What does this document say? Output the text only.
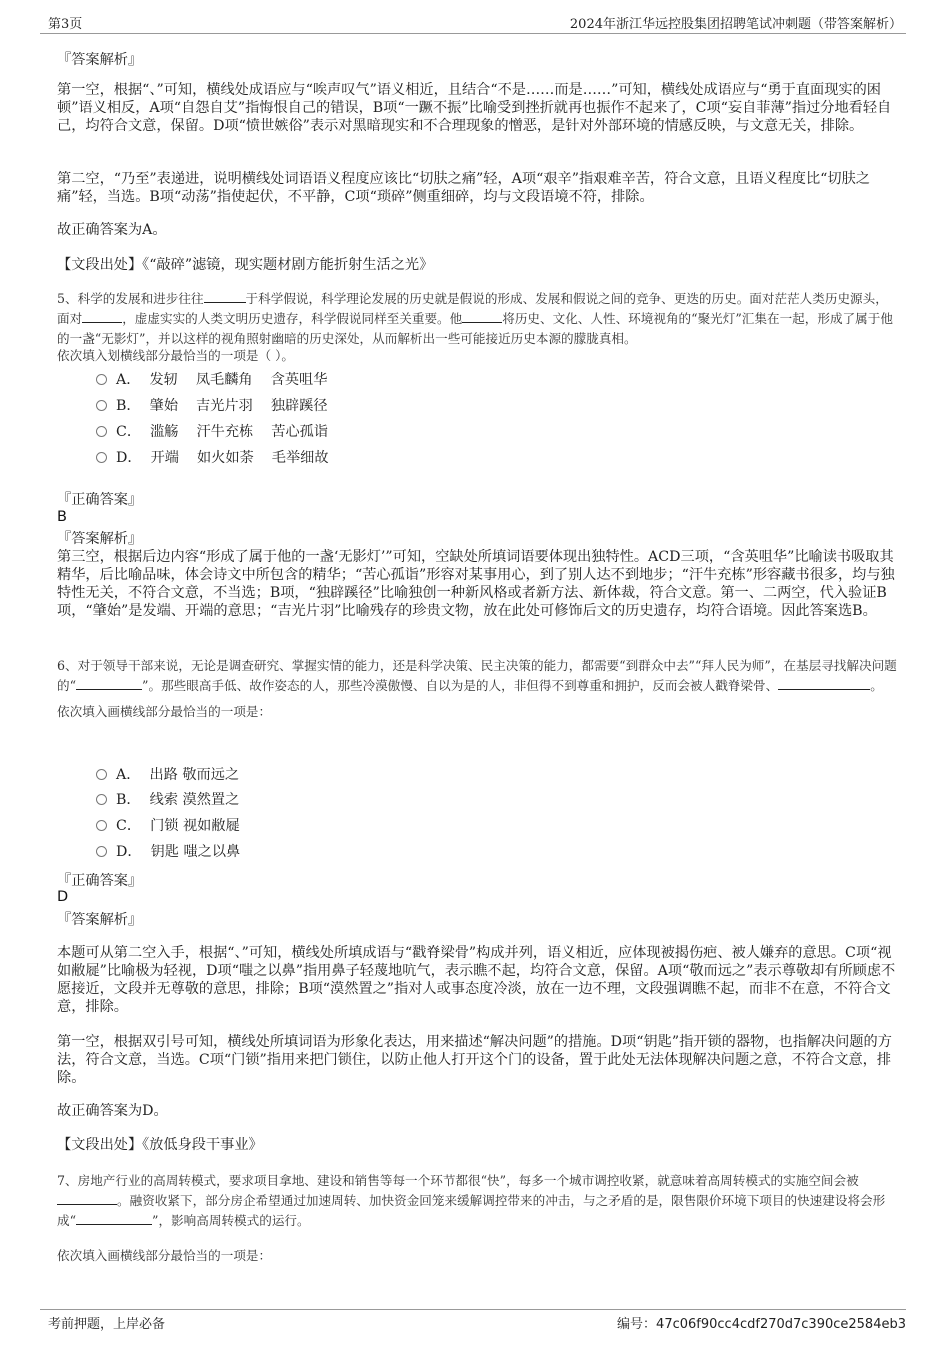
第3页	2024年浙江华远控股集团招聘笔试冲刺题（带答案解析）
『答案解析』

第一空，根据“、”可知，横线处成语应与“唉声叹气”语义相近，且结合“不是……而是……”可知，横线处成语应与“勇于直面现实的困顿”语义相反，A项“自怨自艾”指悔恨自己的错误，B项“一蹶不振”比喻受到挫折就再也振作不起来了，C项“妄自菲薄”指过分地看轻自己，均符合文意，保留。D项“愤世嫉俗”表示对黑暗现实和不合理现象的憎恶，是针对外部环境的情感反映，与文意无关，排除。

第二空，“乃至”表递进，说明横线处词语语义程度应该比“切肤之痛”轻，A项“艰辛”指艰难辛苦，符合文意，且语义程度比“切肤之痛”轻，当选。B项“动荡”指使起伏，不平静，C项“琐碎”侧重细碎，均与文段语境不符，排除。

故正确答案为A。

【文段出处】《“敲碎”滤镜，现实题材剧方能折射生活之光》

5、科学的发展和进步往往	于科学假说，科学理论发展的历史就是假说的形成、发展和假说之间的竞争、更迭的历史。面对茫茫人类历史源头，面对	，虚虚实实的人类文明历史遗存，科学假说同样至关重要。他	将历史、文化、人性、环境视角的“聚光灯”汇集在一起，形成了属于他的一盏“无影灯”，并以这样的视角照射幽暗的历史深处，从而解析出一些可能接近历史本源的朦胧真相。

依次填入划横线部分最恰当的一项是（ ）。

A．  发轫    凤毛麟角    含英咀华
B．  肇始    吉光片羽    独辟蹊径
C．  滥觞    汗牛充栋    苦心孤诣
D．  开端    如火如荼    毛举细故
『正确答案』
B
『答案解析』

第三空，根据后边内容“形成了属于他的一盏‘无影灯’”可知，空缺处所填词语要体现出独特性。ACD三项，“含英咀华”比喻读书吸取其精华，后比喻品味，体会诗文中所包含的精华；“苦心孤诣”形容对某事用心，到了别人达不到地步；“汗牛充栋”形容藏书很多，均与独特性无关，不符合文意，不当选；B项，“独辟蹊径”比喻独创一种新风格或者新方法、新体裁，符合文意。第一、二两空，代入验证B项，“肇始”是发端、开端的意思；“吉光片羽”比喻残存的珍贵文物，放在此处可修饰后文的历史遗存，均符合语境。因此答案选B。

6、对于领导干部来说，无论是调查研究、掌握实情的能力，还是科学决策、民主决策的能力，都需要“到群众中去”“拜人民为师”，在基层寻找解决问题的“	”。那些眼高手低、故作姿态的人，那些冷漠傲慢、自以为是的人，非但得不到尊重和拥护，反而会被人戳脊梁骨、	。

依次填入画横线部分最恰当的一项是：

A．  出路 敬而远之
B．  线索 漠然置之
C．  门锁 视如敝屣
D．  钥匙 嗤之以鼻
『正确答案』
D
『答案解析』

本题可从第二空入手，根据“、”可知，横线处所填成语与“戳脊梁骨”构成并列，语义相近，应体现被揭伤疤、被人嫌弃的意思。C项“视如敝屣”比喻极为轻视，D项“嗤之以鼻”指用鼻子轻蔑地吭气，表示瞧不起，均符合文意，保留。A项“敬而远之”表示尊敬却有所顾虑不愿接近，文段并无尊敬的意思，排除；B项“漠然置之”指对人或事态度冷淡，放在一边不理，文段强调瞧不起，而非不在意，不符合文意，排除。

第一空，根据双引号可知，横线处所填词语为形象化表达，用来描述“解决问题”的措施。D项“钥匙”指开锁的器物，也指解决问题的方法，符合文意，当选。C项“门锁”指用来把门锁住，以防止他人打开这个门的设备，置于此处无法体现解决问题之意，不符合文意，排除。

故正确答案为D。

【文段出处】《放低身段干事业》

7、房地产行业的高周转模式，要求项目拿地、建设和销售等每一个环节都很“快”，每多一个城市调控收紧，就意味着高周转模式的实施空间会被。融资收紧下，部分房企希望通过加速周转、加快资金回笼来缓解调控带来的冲击，与之矛盾的是，限售限价环境下项目的快速建设将会形成“	”，影响高周转模式的运行。

依次填入画横线部分最恰当的一项是：

考前押题，上岸必备	编号：47c06f90cc4cdf270d7c390ce2584eb3
